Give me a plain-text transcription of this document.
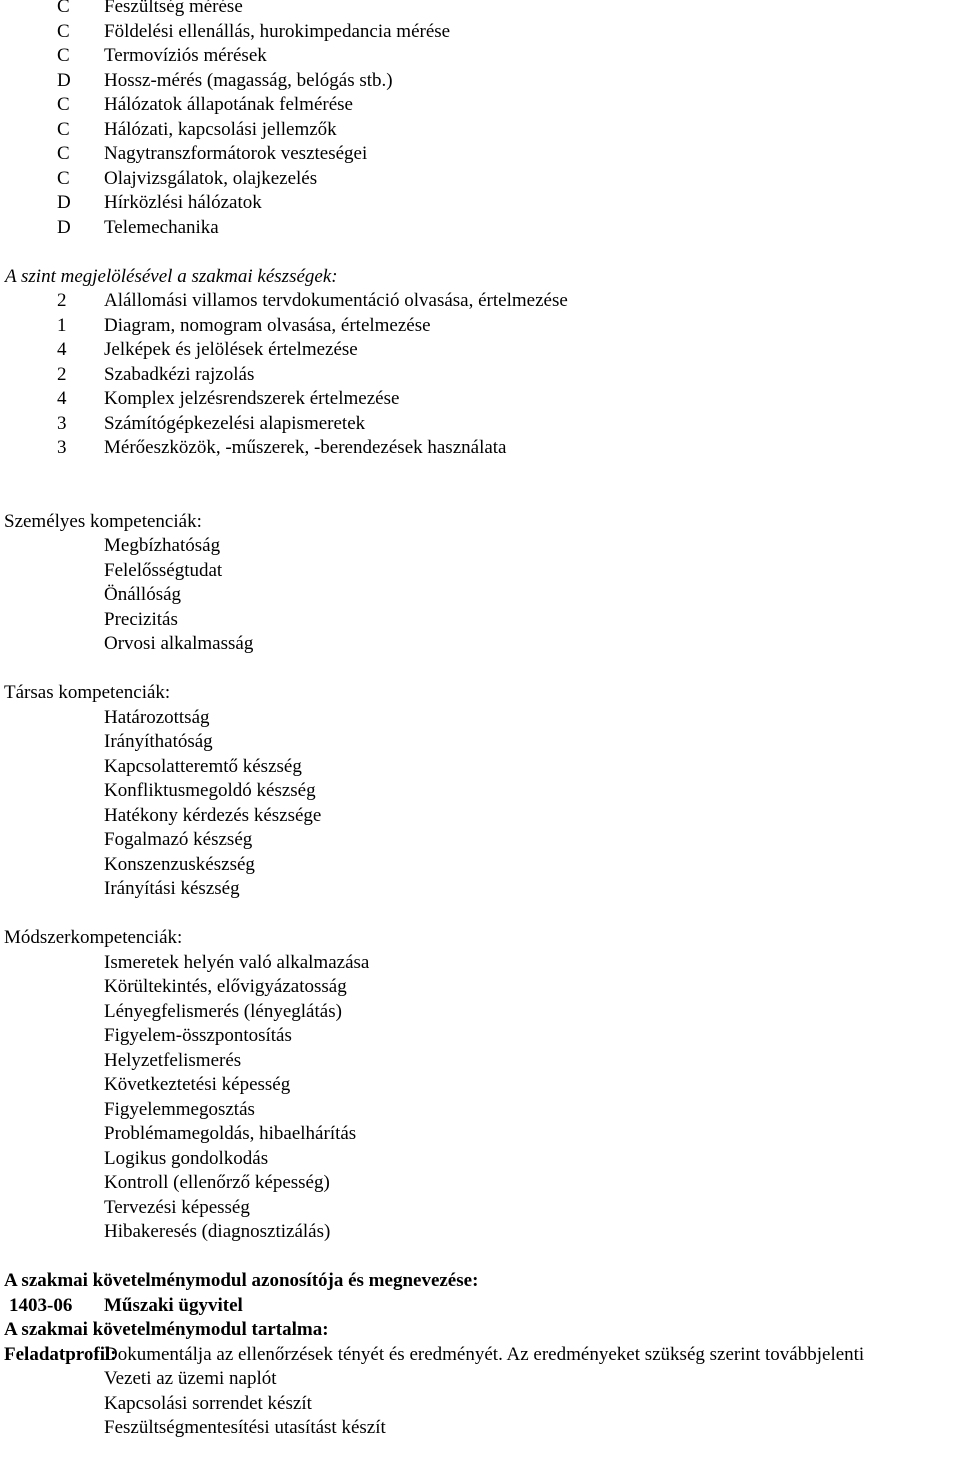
C	Feszültség mérése
C	Földelési ellenállás, hurokimpedancia mérése
C	Termovíziós mérések
D	Hossz-mérés (magasság, belógás stb.)
C	Hálózatok állapotának felmérése
C	Hálózati, kapcsolási jellemzők
C	Nagytranszformátorok veszteségei
C	Olajvizsgálatok, olajkezelés
D	Hírközlési hálózatok
D	Telemechanika
A szint megjelölésével a szakmai készségek:
2	Alállomási villamos tervdokumentáció olvasása, értelmezése
1	Diagram, nomogram olvasása, értelmezése
4	Jelképek és jelölések értelmezése
2	Szabadkézi rajzolás
4	Komplex jelzésrendszerek értelmezése
3	Számítógépkezelési alapismeretek
3	Mérőeszközök, -műszerek, -berendezések használata
Személyes kompetenciák:
Megbízhatóság
Felelősségtudat
Önállóság
Precizitás
Orvosi alkalmasság
Társas kompetenciák:
Határozottság
Irányíthatóság
Kapcsolatteremtő készség
Konfliktusmegoldó készség
Hatékony kérdezés készsége
Fogalmazó készség
Konszenzuskészség
Irányítási készség
Módszerkompetenciák:
Ismeretek helyén való alkalmazása
Körültekintés, elővigyázatosság
Lényegfelismerés (lényeglátás)
Figyelem-összpontosítás
Helyzetfelismerés
Következtetési képesség
Figyelemmegosztás
Problémamegoldás, hibaelhárítás
Logikus gondolkodás
Kontroll (ellenőrző képesség)
Tervezési képesség
Hibakeresés (diagnosztizálás)
A szakmai követelménymodul azonosítója és megnevezése:
1403-06	Műszaki ügyvitel
A szakmai követelménymodul tartalma:
Feladatprofil:
Dokumentálja az ellenőrzések tényét és eredményét. Az eredményeket szükség szerint továbbjelenti
Vezeti az üzemi naplót
Kapcsolási sorrendet készít
Feszültségmentesítési utasítást készít
